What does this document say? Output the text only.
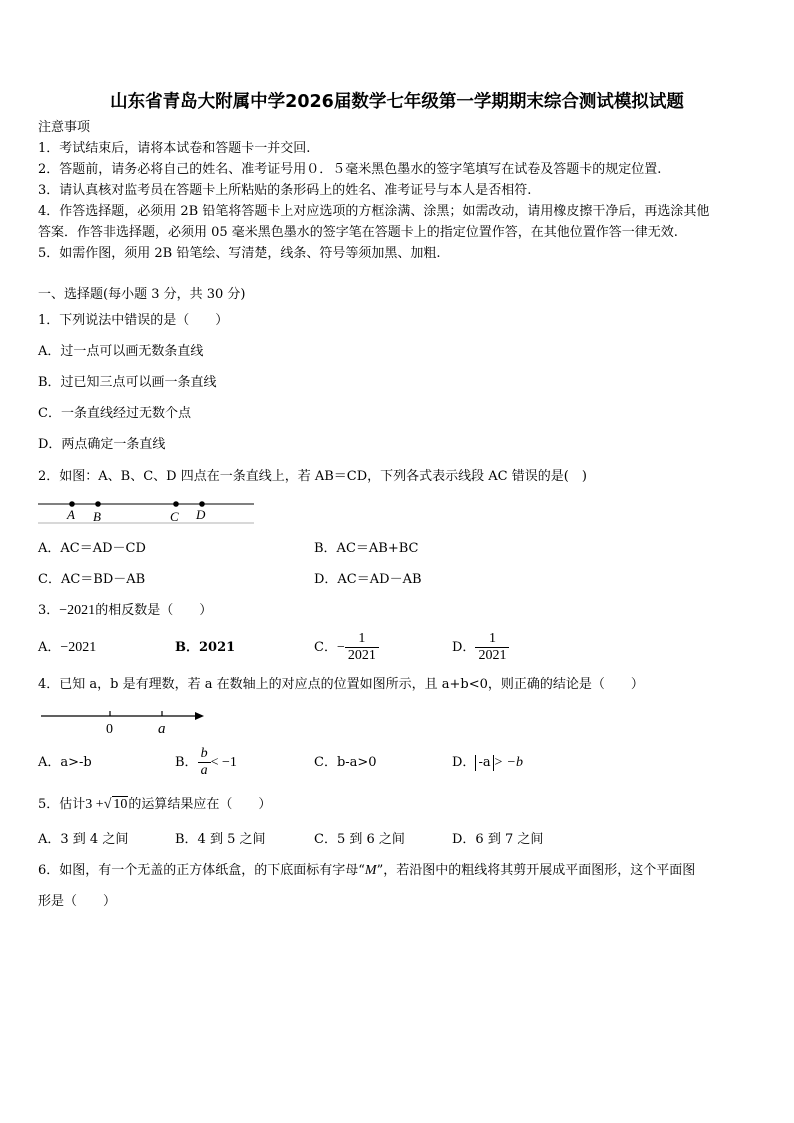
山东省青岛大附属中学2026届数学七年级第一学期期末综合测试模拟试题
注意事项
1．考试结束后，请将本试卷和答题卡一并交回.
2．答题前，请务必将自己的姓名、准考证号用０．５毫米黑色墨水的签字笔填写在试卷及答题卡的规定位置.
3．请认真核对监考员在答题卡上所粘贴的条形码上的姓名、准考证号与本人是否相符.
4．作答选择题，必须用 2B 铅笔将答题卡上对应选项的方框涂满、涂黑；如需改动，请用橡皮擦干净后，再选涂其他
答案．作答非选择题，必须用 05 毫米黑色墨水的签字笔在答题卡上的指定位置作答，在其他位置作答一律无效.
5．如需作图，须用 2B 铅笔绘、写清楚，线条、符号等须加黑、加粗.
一、选择题(每小题 3 分，共 30 分)
1．下列说法中错误的是（　　）
A．过一点可以画无数条直线
B．过已知三点可以画一条直线
C．一条直线经过无数个点
D．两点确定一条直线
2．如图：A、B、C、D 四点在一条直线上，若 AB＝CD，下列各式表示线段 AC 错误的是(　)
A B	C D
A．AC＝AD－CD	B．AC＝AB+BC
C．AC＝BD－AB	D．AC＝AD－AB
3．−2021的相反数是（　　）
A．−2021	B．2021	C．− $\frac{1}{2021}$	D． $\frac{1}{2021}$
4．已知 a，b 是有理数，若 a 在数轴上的对应点的位置如图所示，且 a+b<0，则正确的结论是（　　）
0	a
A．a>-b	B． $\frac{b}{a} < -1$	C．b-a>0	D． -a > −b
5．估计3 +√ 10的运算结果应在（　　）
A．3 到 4 之间	B．4 到 5 之间	C．5 到 6 之间	D．6 到 7 之间
6．如图，有一个无盖的正方体纸盒，的下底面标有字母“M”，若沿图中的粗线将其剪开展成平面图形，这个平面图
形是（　　）
